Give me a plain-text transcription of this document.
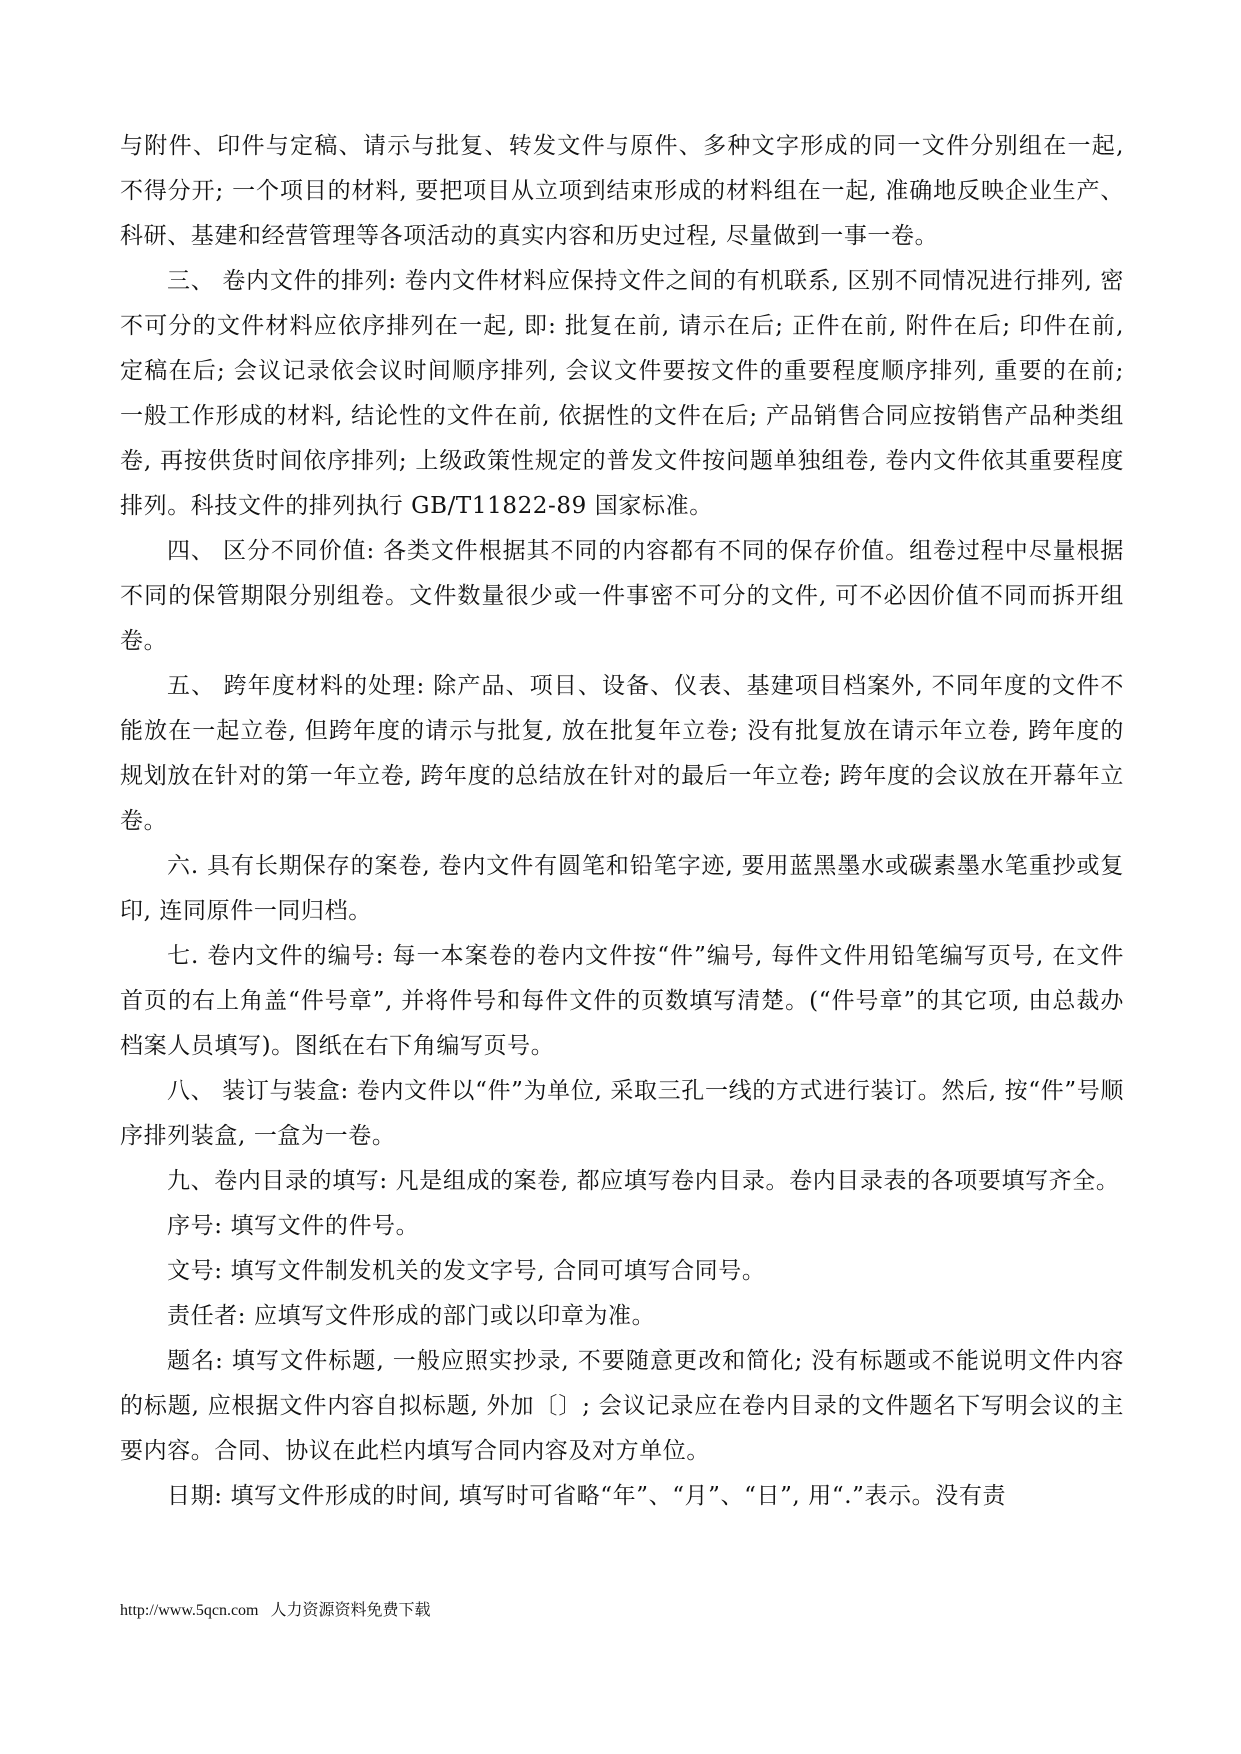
与附件、印件与定稿、请示与批复、转发文件与原件、多种文字形成的同一文件分别组在一起, 不得分开; 一个项目的材料, 要把项目从立项到结束形成的材料组在一起, 准确地反映企业生产、科研、基建和经营管理等各项活动的真实内容和历史过程, 尽量做到一事一卷。

三、 卷内文件的排列: 卷内文件材料应保持文件之间的有机联系, 区别不同情况进行排列, 密不可分的文件材料应依序排列在一起, 即: 批复在前, 请示在后; 正件在前, 附件在后; 印件在前, 定稿在后; 会议记录依会议时间顺序排列, 会议文件要按文件的重要程度顺序排列, 重要的在前; 一般工作形成的材料, 结论性的文件在前, 依据性的文件在后; 产品销售合同应按销售产品种类组卷, 再按供货时间依序排列; 上级政策性规定的普发文件按问题单独组卷, 卷内文件依其重要程度排列。科技文件的排列执行 GB/T11822-89 国家标准。

四、 区分不同价值: 各类文件根据其不同的内容都有不同的保存价值。组卷过程中尽量根据不同的保管期限分别组卷。文件数量很少或一件事密不可分的文件, 可不必因价值不同而拆开组卷。

五、 跨年度材料的处理: 除产品、项目、设备、仪表、基建项目档案外, 不同年度的文件不能放在一起立卷, 但跨年度的请示与批复, 放在批复年立卷; 没有批复放在请示年立卷, 跨年度的规划放在针对的第一年立卷, 跨年度的总结放在针对的最后一年立卷; 跨年度的会议放在开幕年立卷。

六. 具有长期保存的案卷, 卷内文件有圆笔和铅笔字迹, 要用蓝黑墨水或碳素墨水笔重抄或复印, 连同原件一同归档。

七. 卷内文件的编号: 每一本案卷的卷内文件按“件”编号, 每件文件用铅笔编写页号, 在文件首页的右上角盖“件号章”, 并将件号和每件文件的页数填写清楚。(“件号章”的其它项, 由总裁办档案人员填写)。图纸在右下角编写页号。

八、 装订与装盒: 卷内文件以“件”为单位, 采取三孔一线的方式进行装订。然后, 按“件”号顺序排列装盒, 一盒为一卷。

九、卷内目录的填写: 凡是组成的案卷, 都应填写卷内目录。卷内目录表的各项要填写齐全。

序号: 填写文件的件号。

文号: 填写文件制发机关的发文字号, 合同可填写合同号。

责任者: 应填写文件形成的部门或以印章为准。

题名: 填写文件标题, 一般应照实抄录, 不要随意更改和简化; 没有标题或不能说明文件内容的标题, 应根据文件内容自拟标题, 外加〔〕; 会议记录应在卷内目录的文件题名下写明会议的主要内容。合同、协议在此栏内填写合同内容及对方单位。

日期: 填写文件形成的时间, 填写时可省略“年”、“月”、“日”, 用“.”表示。没有责

http://www.5qcn.com 人力资源资料免费下载
